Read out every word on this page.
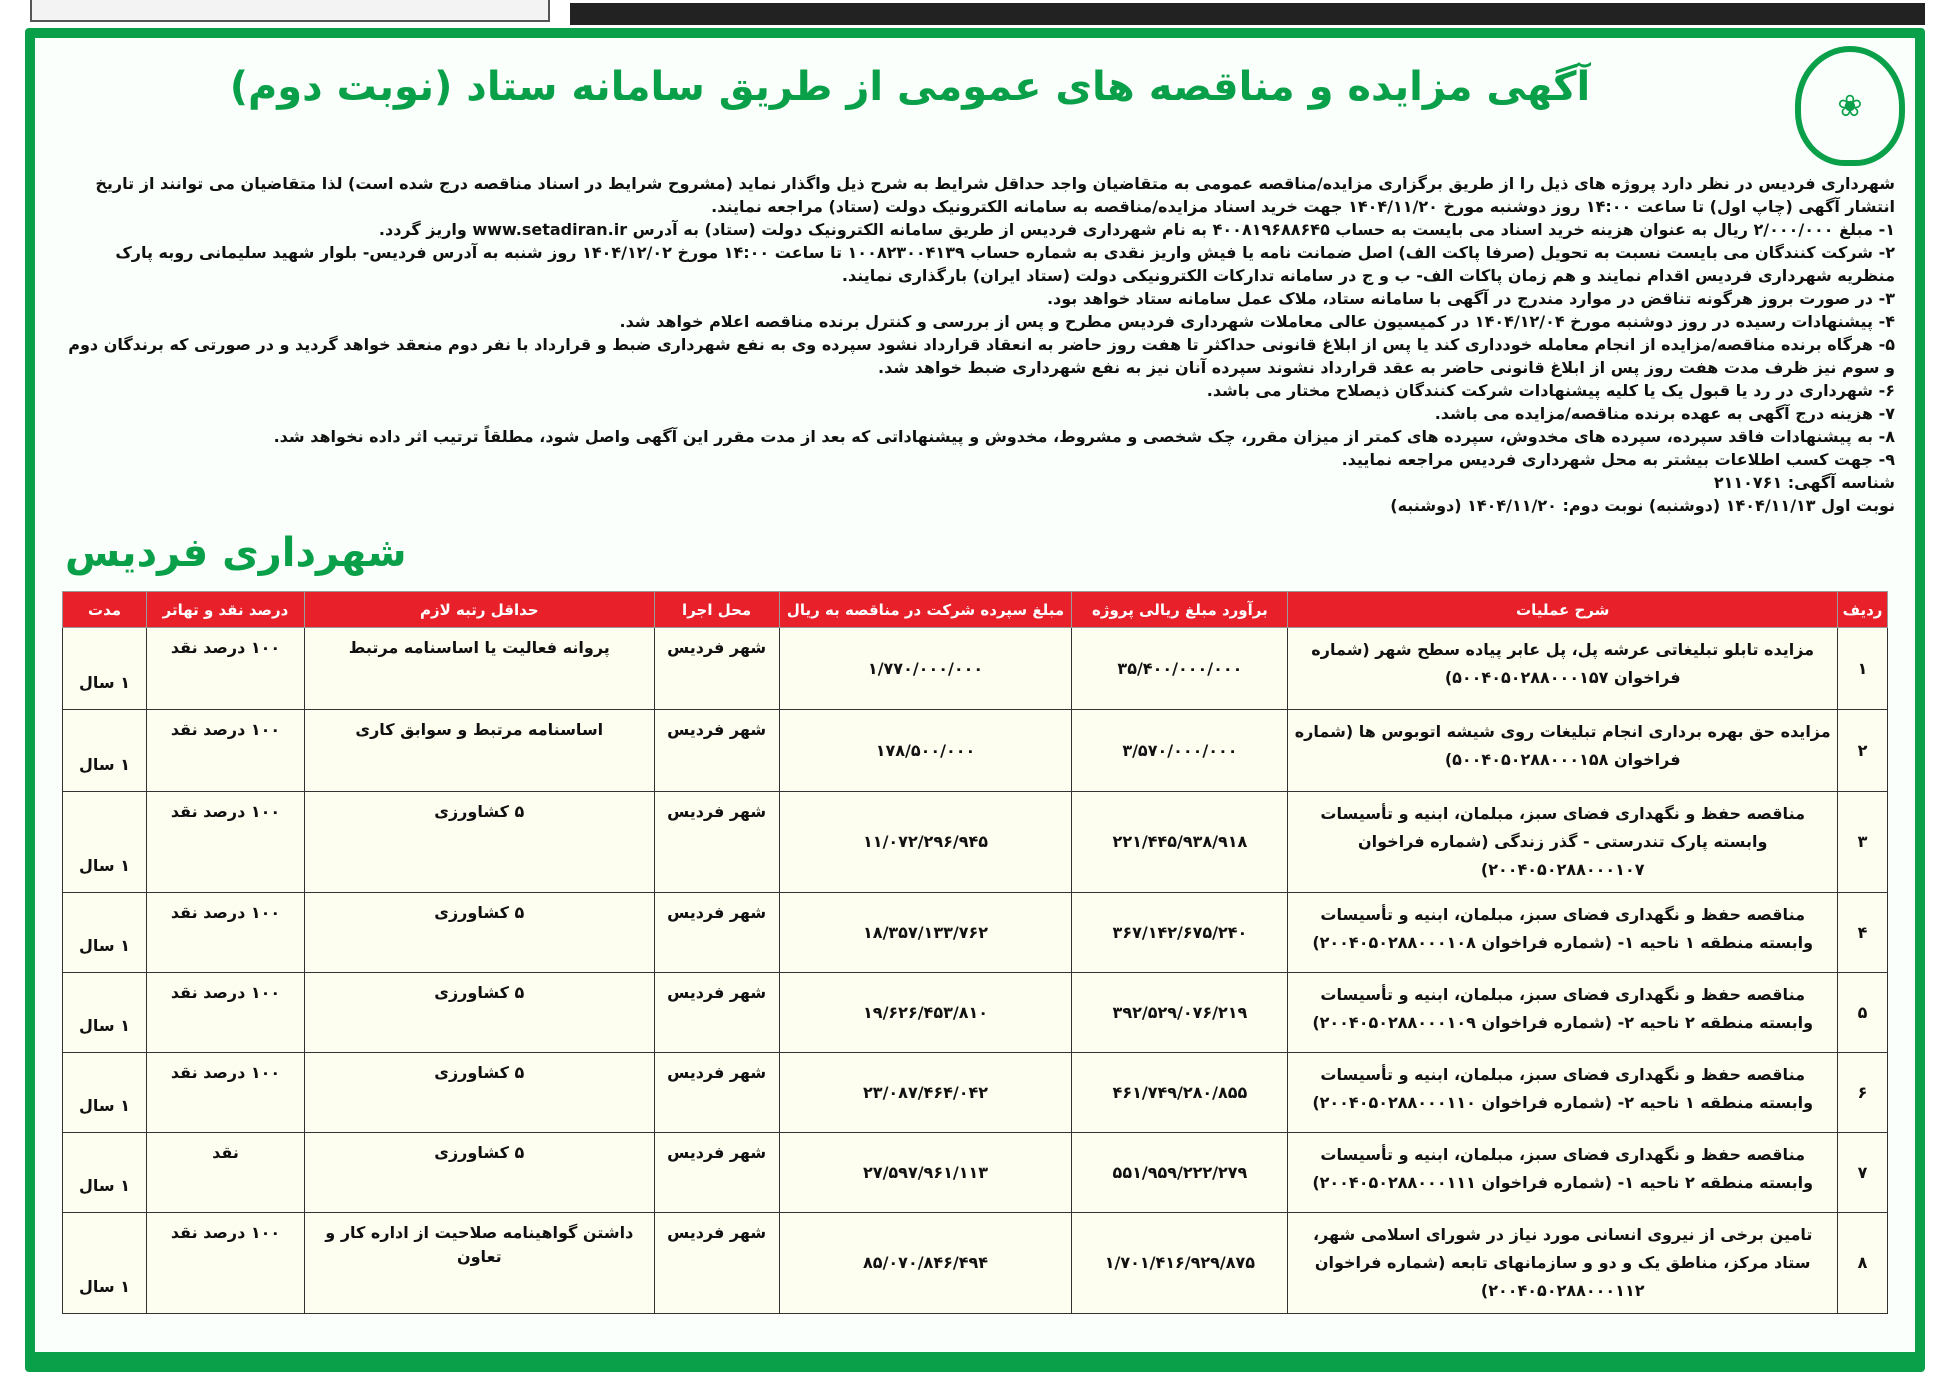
❀
آگهی مزایده و مناقصه های عمومی از طریق سامانه ستاد (نوبت دوم)

شهرداری فردیس در نظر دارد پروژه های ذیل را از طریق برگزاری مزایده/مناقصه عمومی به متقاضیان واجد حداقل شرایط به شرح ذیل واگذار نماید (مشروح شرایط در اسناد مناقصه درج شده است) لذا متقاضیان می توانند از تاریخ انتشار آگهی (چاپ اول) تا ساعت ۱۴:۰۰ روز دوشنبه مورخ ۱۴۰۴/۱۱/۲۰ جهت خرید اسناد مزایده/مناقصه به سامانه الکترونیک دولت (ستاد) مراجعه نمایند.

۱- مبلغ ۲/۰۰۰/۰۰۰ ریال به عنوان هزینه خرید اسناد می بایست به حساب ۴۰۰۸۱۹۶۸۸۶۴۵ به نام شهرداری فردیس از طریق سامانه الکترونیک دولت (ستاد) به آدرس www.setadiran.ir واریز گردد.

۲- شرکت کنندگان می بایست نسبت به تحویل (صرفا پاکت الف) اصل ضمانت نامه یا فیش واریز نقدی به شماره حساب ۱۰۰۸۲۳۰۰۴۱۳۹ تا ساعت ۱۴:۰۰ مورخ ۱۴۰۴/۱۲/۰۲ روز شنبه به آدرس فردیس- بلوار شهید سلیمانی روبه پارک منظریه شهرداری فردیس اقدام نمایند و هم زمان پاکات الف- ب و ج در سامانه تدارکات الکترونیکی دولت (ستاد ایران) بارگذاری نمایند.

۳- در صورت بروز هرگونه تناقض در موارد مندرج در آگهی با سامانه ستاد، ملاک عمل سامانه ستاد خواهد بود.

۴- پیشنهادات رسیده در روز دوشنبه مورخ ۱۴۰۴/۱۲/۰۴ در کمیسیون عالی معاملات شهرداری فردیس مطرح و پس از بررسی و کنترل برنده مناقصه اعلام خواهد شد.

۵- هرگاه برنده مناقصه/مزایده از انجام معامله خودداری کند یا پس از ابلاغ قانونی حداکثر تا هفت روز حاضر به انعقاد قرارداد نشود سپرده وی به نفع شهرداری ضبط و قرارداد با نفر دوم منعقد خواهد گردید و در صورتی که برندگان دوم و سوم نیز ظرف مدت هفت روز پس از ابلاغ قانونی حاضر به عقد قرارداد نشوند سپرده آنان نیز به نفع شهرداری ضبط خواهد شد.

۶- شهرداری در رد یا قبول یک یا کلیه پیشنهادات شرکت کنندگان ذیصلاح مختار می باشد.

۷- هزینه درج آگهی به عهده برنده مناقصه/مزایده می باشد.

۸- به پیشنهادات فاقد سپرده، سپرده های مخدوش، سپرده های کمتر از میزان مقرر، چک شخصی و مشروط، مخدوش و پیشنهاداتی که بعد از مدت مقرر این آگهی واصل شود، مطلقاً ترتیب اثر داده نخواهد شد.

۹- جهت کسب اطلاعات بیشتر به محل شهرداری فردیس مراجعه نمایید.

شناسه آگهی: ۲۱۱۰۷۶۱

نوبت اول ۱۴۰۴/۱۱/۱۳ (دوشنبه) نوبت دوم: ۱۴۰۴/۱۱/۲۰ (دوشنبه)

شهرداری فردیس
ردیف	شرح عملیات	برآورد مبلغ ریالی پروژه	مبلغ سپرده شرکت در مناقصه به ریال	محل اجرا	حداقل رتبه لازم	درصد نقد و تهاتر	مدت
۱	مزایده تابلو تبلیغاتی عرشه پل، پل عابر پیاده سطح شهر (شماره فراخوان ۵۰۰۴۰۵۰۲۸۸۰۰۰۱۵۷)	۳۵/۴۰۰/۰۰۰/۰۰۰	۱/۷۷۰/۰۰۰/۰۰۰	شهر فردیس	پروانه فعالیت یا اساسنامه مرتبط	۱۰۰ درصد نقد	۱ سال
۲	مزایده حق بهره برداری انجام تبلیغات روی شیشه اتوبوس ها (شماره فراخوان ۵۰۰۴۰۵۰۲۸۸۰۰۰۱۵۸)	۳/۵۷۰/۰۰۰/۰۰۰	۱۷۸/۵۰۰/۰۰۰	شهر فردیس	اساسنامه مرتبط و سوابق کاری	۱۰۰ درصد نقد	۱ سال
۳	مناقصه حفظ و نگهداری فضای سبز، مبلمان، ابنیه و تأسیسات وابسته پارک تندرستی - گذر زندگی (شماره فراخوان ۲۰۰۴۰۵۰۲۸۸۰۰۰۱۰۷)	۲۲۱/۴۴۵/۹۳۸/۹۱۸	۱۱/۰۷۲/۲۹۶/۹۴۵	شهر فردیس	۵ کشاورزی	۱۰۰ درصد نقد	۱ سال
۴	مناقصه حفظ و نگهداری فضای سبز، مبلمان، ابنیه و تأسیسات وابسته منطقه ۱ ناحیه ۱- (شماره فراخوان ۲۰۰۴۰۵۰۲۸۸۰۰۰۱۰۸)	۳۶۷/۱۴۲/۶۷۵/۲۴۰	۱۸/۳۵۷/۱۳۳/۷۶۲	شهر فردیس	۵ کشاورزی	۱۰۰ درصد نقد	۱ سال
۵	مناقصه حفظ و نگهداری فضای سبز، مبلمان، ابنیه و تأسیسات وابسته منطقه ۲ ناحیه ۲- (شماره فراخوان ۲۰۰۴۰۵۰۲۸۸۰۰۰۱۰۹)	۳۹۲/۵۲۹/۰۷۶/۲۱۹	۱۹/۶۲۶/۴۵۳/۸۱۰	شهر فردیس	۵ کشاورزی	۱۰۰ درصد نقد	۱ سال
۶	مناقصه حفظ و نگهداری فضای سبز، مبلمان، ابنیه و تأسیسات وابسته منطقه ۱ ناحیه ۲- (شماره فراخوان ۲۰۰۴۰۵۰۲۸۸۰۰۰۱۱۰)	۴۶۱/۷۴۹/۲۸۰/۸۵۵	۲۳/۰۸۷/۴۶۴/۰۴۲	شهر فردیس	۵ کشاورزی	۱۰۰ درصد نقد	۱ سال
۷	مناقصه حفظ و نگهداری فضای سبز، مبلمان، ابنیه و تأسیسات وابسته منطقه ۲ ناحیه ۱- (شماره فراخوان ۲۰۰۴۰۵۰۲۸۸۰۰۰۱۱۱)	۵۵۱/۹۵۹/۲۲۲/۲۷۹	۲۷/۵۹۷/۹۶۱/۱۱۳	شهر فردیس	۵ کشاورزی	نقد	۱ سال
۸	تامین برخی از نیروی انسانی مورد نیاز در شورای اسلامی شهر، ستاد مرکز، مناطق یک و دو و سازمانهای تابعه (شماره فراخوان ۲۰۰۴۰۵۰۲۸۸۰۰۰۱۱۲)	۱/۷۰۱/۴۱۶/۹۲۹/۸۷۵	۸۵/۰۷۰/۸۴۶/۴۹۴	شهر فردیس	داشتن گواهینامه صلاحیت از اداره کار و تعاون	۱۰۰ درصد نقد	۱ سال
